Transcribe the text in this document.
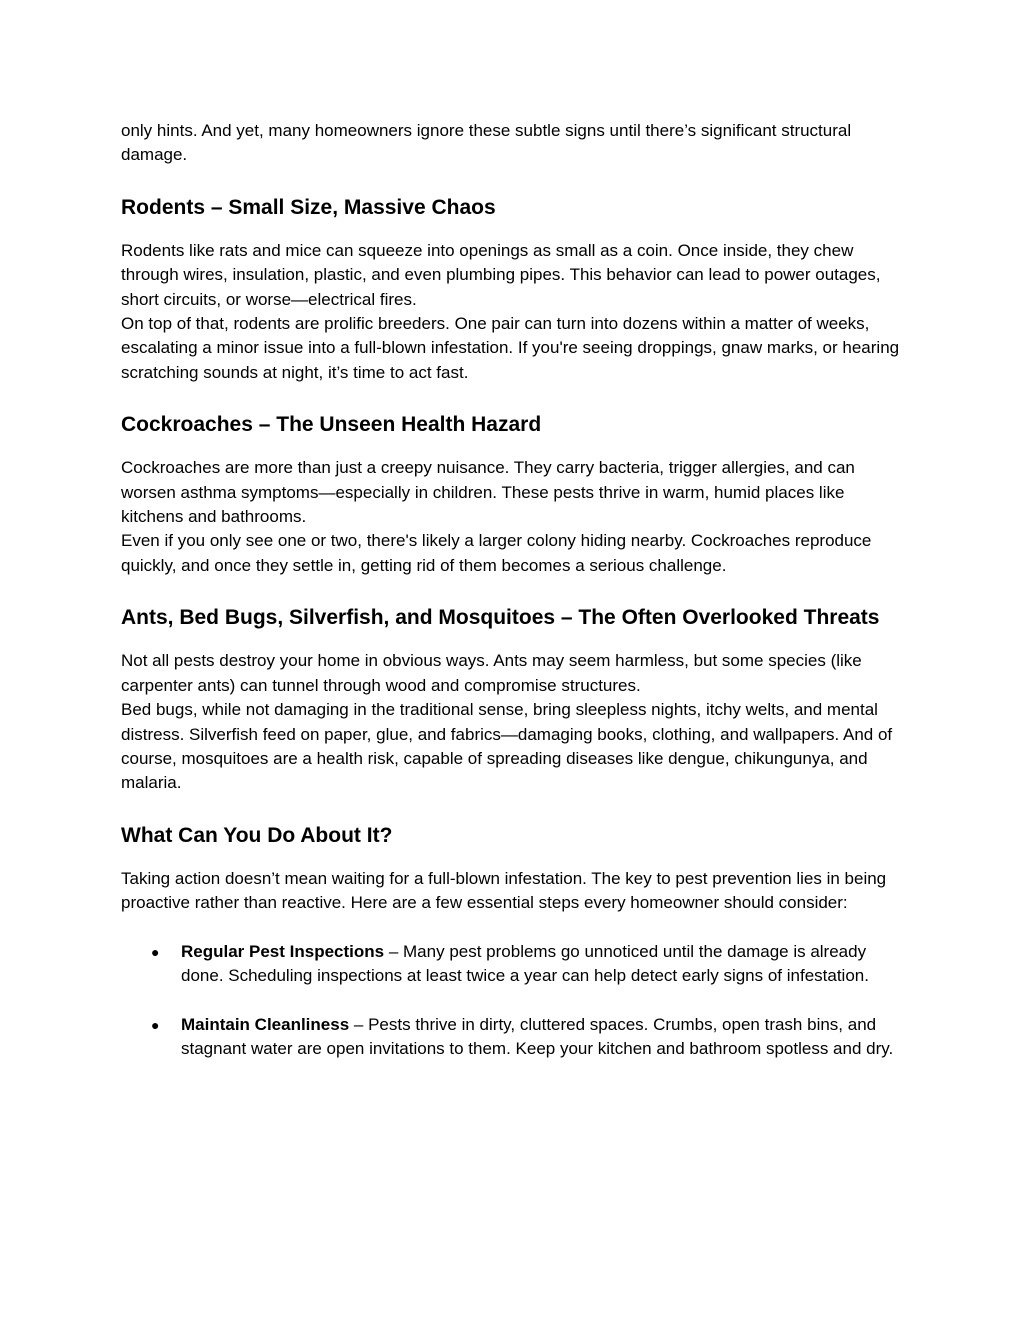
only hints. And yet, many homeowners ignore these subtle signs until there’s significant structural damage.

Rodents – Small Size, Massive Chaos

Rodents like rats and mice can squeeze into openings as small as a coin. Once inside, they chew through wires, insulation, plastic, and even plumbing pipes. This behavior can lead to power outages, short circuits, or worse—electrical fires.

On top of that, rodents are prolific breeders. One pair can turn into dozens within a matter of weeks, escalating a minor issue into a full-blown infestation. If you're seeing droppings, gnaw marks, or hearing scratching sounds at night, it’s time to act fast.

Cockroaches – The Unseen Health Hazard

Cockroaches are more than just a creepy nuisance. They carry bacteria, trigger allergies, and can worsen asthma symptoms—especially in children. These pests thrive in warm, humid places like kitchens and bathrooms.

Even if you only see one or two, there's likely a larger colony hiding nearby. Cockroaches reproduce quickly, and once they settle in, getting rid of them becomes a serious challenge.

Ants, Bed Bugs, Silverfish, and Mosquitoes – The Often Overlooked Threats

Not all pests destroy your home in obvious ways. Ants may seem harmless, but some species (like carpenter ants) can tunnel through wood and compromise structures.

Bed bugs, while not damaging in the traditional sense, bring sleepless nights, itchy welts, and mental distress. Silverfish feed on paper, glue, and fabrics—damaging books, clothing, and wallpapers. And of course, mosquitoes are a health risk, capable of spreading diseases like dengue, chikungunya, and malaria.

What Can You Do About It?

Taking action doesn’t mean waiting for a full-blown infestation. The key to pest prevention lies in being proactive rather than reactive. Here are a few essential steps every homeowner should consider:

● Regular Pest Inspections – Many pest problems go unnoticed until the damage is already done. Scheduling inspections at least twice a year can help detect early signs of infestation.
● Maintain Cleanliness – Pests thrive in dirty, cluttered spaces. Crumbs, open trash bins, and stagnant water are open invitations to them. Keep your kitchen and bathroom spotless and dry.
